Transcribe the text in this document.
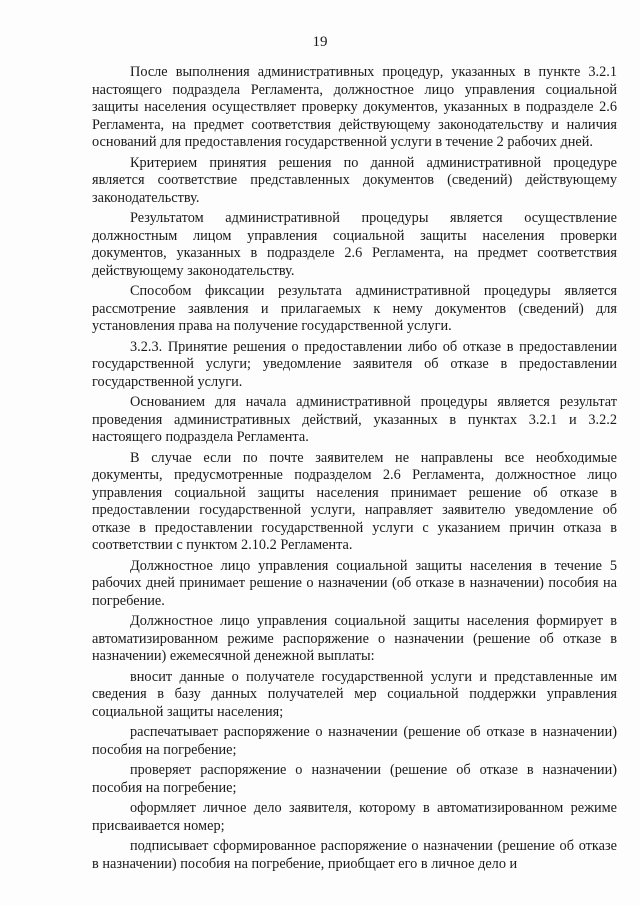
19

После выполнения административных процедур, указанных в пункте 3.2.1 настоящего подраздела Регламента, должностное лицо управления социальной защиты населения осуществляет проверку документов, указанных в подразделе 2.6 Регламента, на предмет соответствия действующему законодательству и наличия оснований для предоставления государственной услуги в течение 2 рабочих дней.

Критерием принятия решения по данной административной процедуре является соответствие представленных документов (сведений) действующему законодательству.

Результатом административной процедуры является осуществление должностным лицом управления социальной защиты населения проверки документов, указанных в подразделе 2.6 Регламента, на предмет соответствия действующему законодательству.

Способом фиксации результата административной процедуры является рассмотрение заявления и прилагаемых к нему документов (сведений) для установления права на получение государственной услуги.

3.2.3. Принятие решения о предоставлении либо об отказе в предоставлении государственной услуги; уведомление заявителя об отказе в предоставлении государственной услуги.

Основанием для начала административной процедуры является результат проведения административных действий, указанных в пунктах 3.2.1 и 3.2.2 настоящего подраздела Регламента.

В случае если по почте заявителем не направлены все необходимые документы, предусмотренные подразделом 2.6 Регламента, должностное лицо управления социальной защиты населения принимает решение об отказе в предоставлении государственной услуги, направляет заявителю уведомление об отказе в предоставлении государственной услуги с указанием причин отказа в соответствии с пунктом 2.10.2 Регламента.

Должностное лицо управления социальной защиты населения в течение 5 рабочих дней принимает решение о назначении (об отказе в назначении) пособия на погребение.

Должностное лицо управления социальной защиты населения формирует в автоматизированном режиме распоряжение о назначении (решение об отказе в назначении) ежемесячной денежной выплаты:

вносит данные о получателе государственной услуги и представленные им сведения в базу данных получателей мер социальной поддержки управления социальной защиты населения;

распечатывает распоряжение о назначении (решение об отказе в назначении) пособия на погребение;

проверяет распоряжение о назначении (решение об отказе в назначении) пособия на погребение;

оформляет личное дело заявителя, которому в автоматизированном режиме присваивается номер;

подписывает сформированное распоряжение о назначении (решение об отказе в назначении) пособия на погребение, приобщает его в личное дело и
